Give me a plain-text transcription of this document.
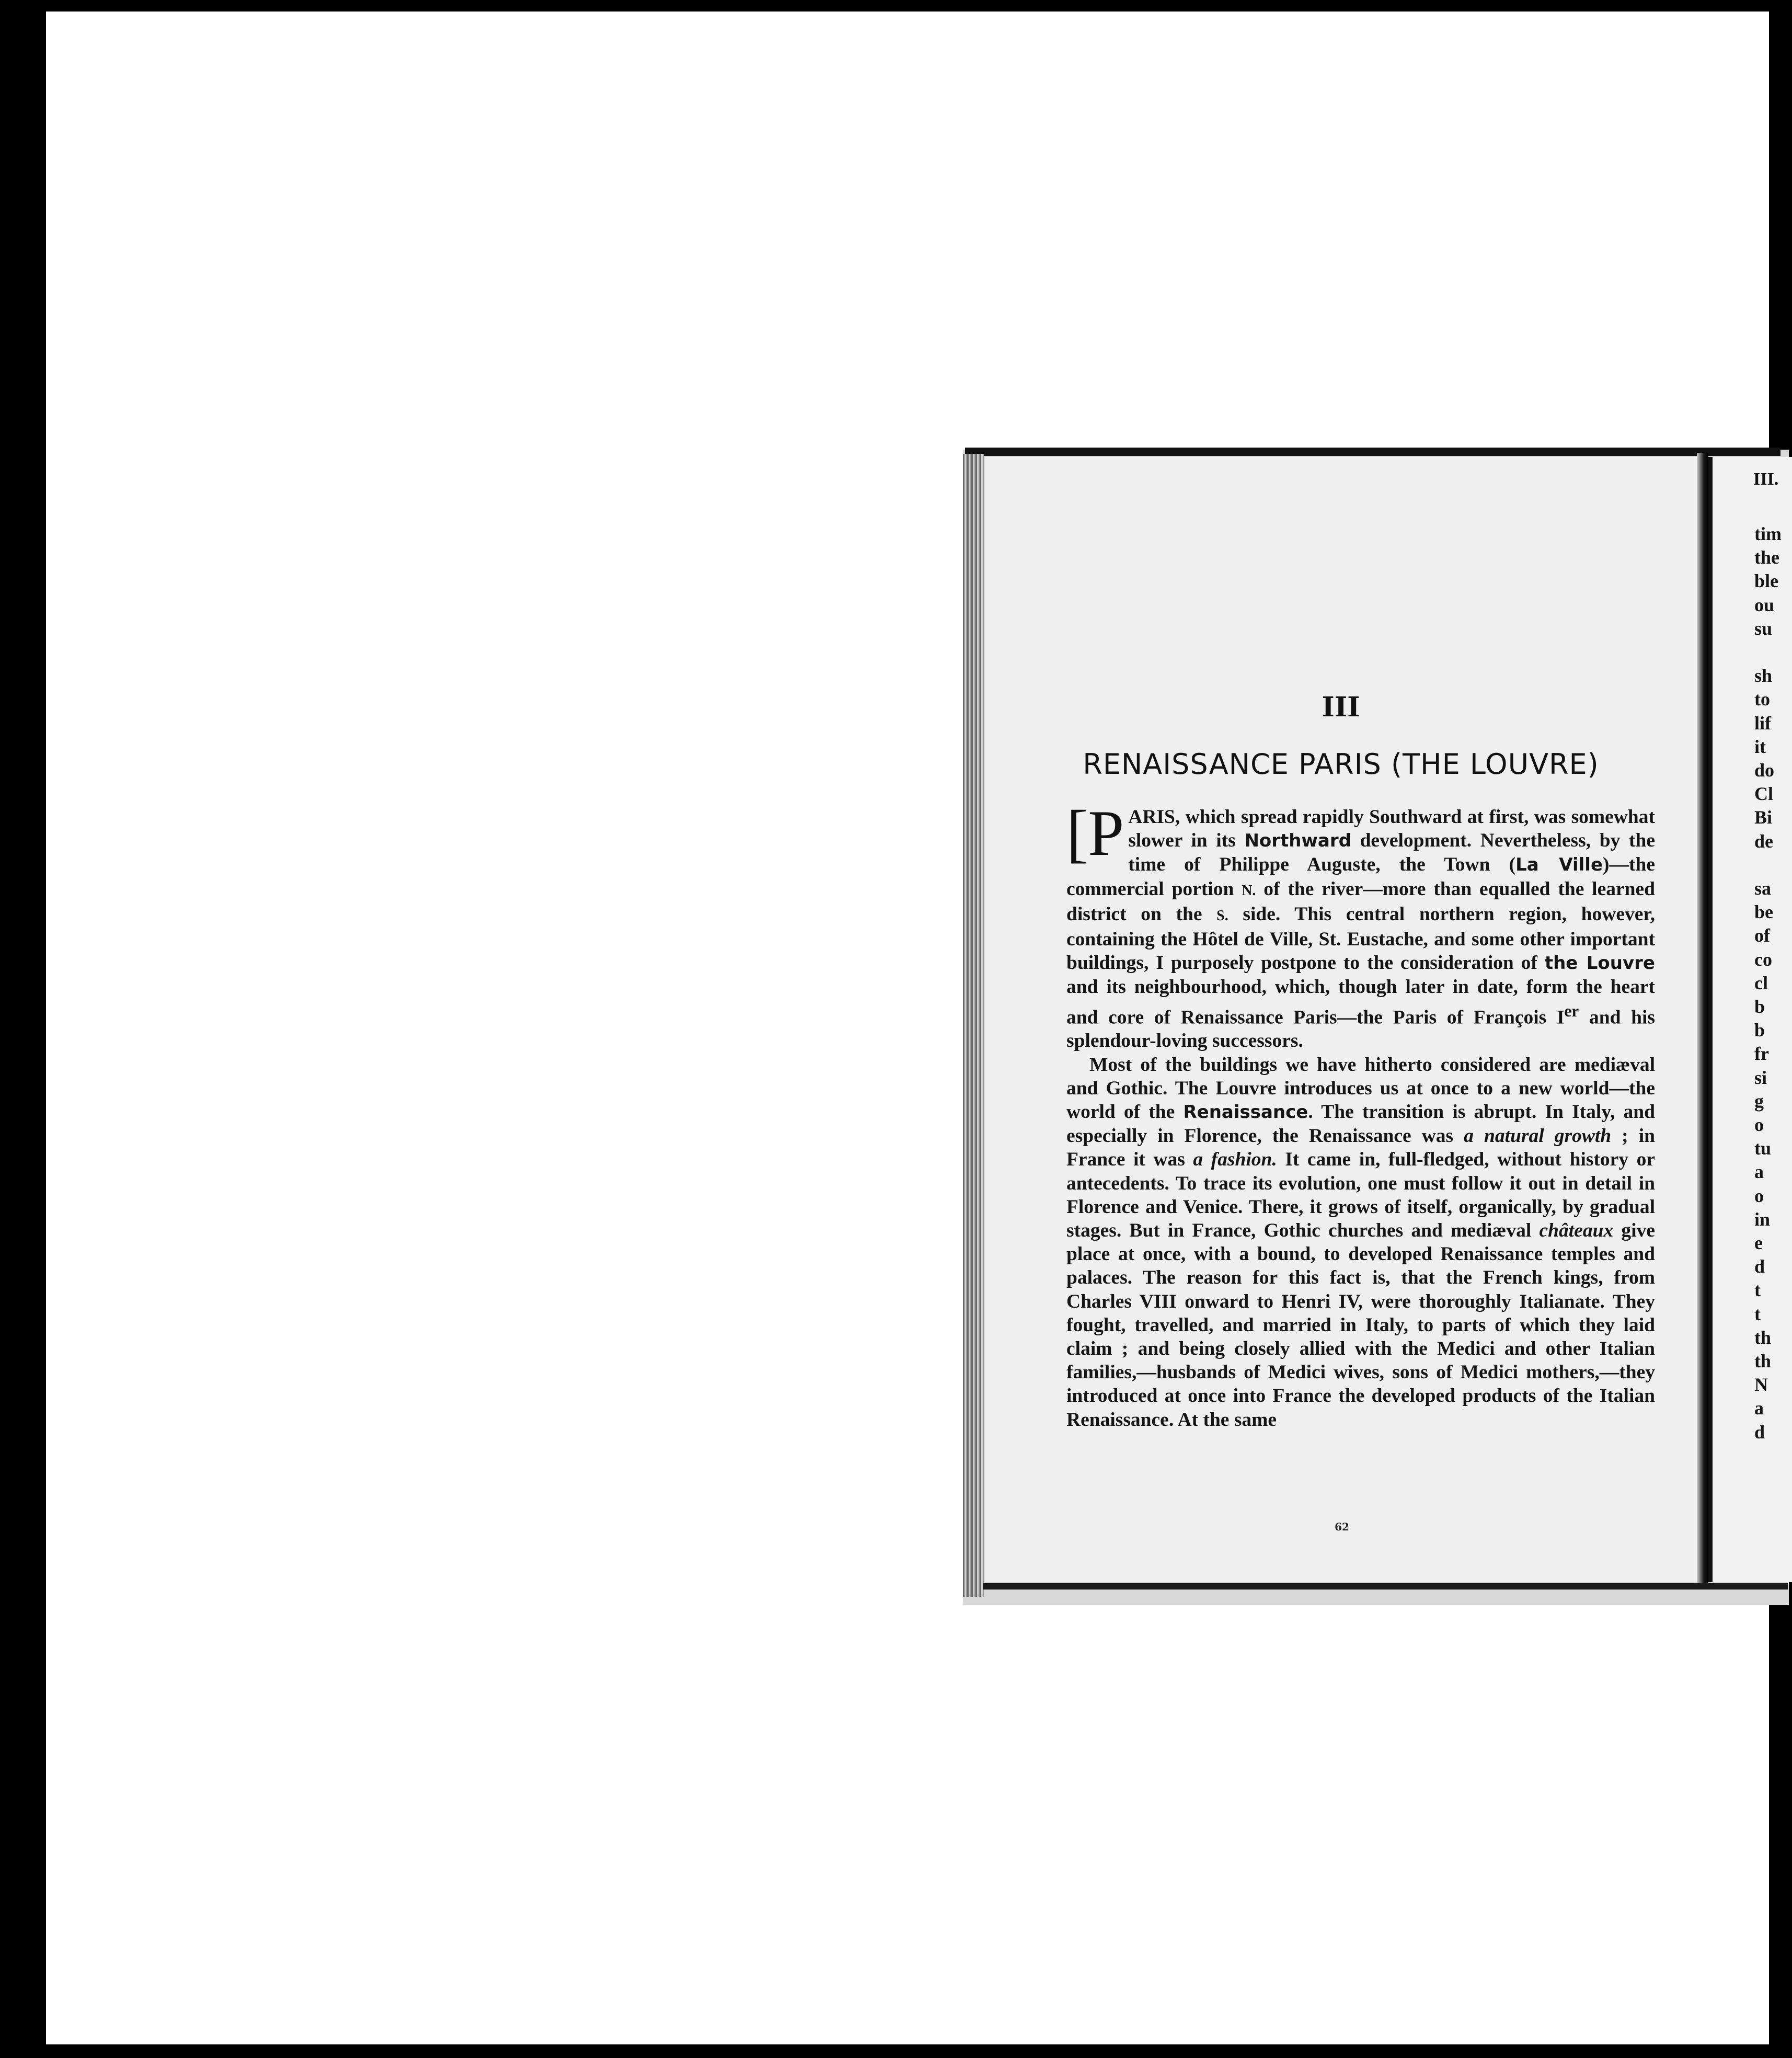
III
RENAISSANCE PARIS (THE LOUVRE)

[P ARIS, which spread rapidly Southward at first, was somewhat slower in its Northward development. Nevertheless, by the time of Philippe Auguste, the Town (La Ville)—the commercial portion N. of the river—more than equalled the learned district on the S. side. This central northern region, however, containing the Hôtel de Ville, St. Eustache, and some other important buildings, I purposely postpone to the consideration of the Louvre and its neighbourhood, which, though later in date, form the heart and core of Renaissance Paris—the Paris of François Ier and his splendour-loving successors.

Most of the buildings we have hitherto considered are mediæval and Gothic. The Louvre introduces us at once to a new world—the world of the Renaissance. The transition is abrupt. In Italy, and especially in Florence, the Renaissance was a natural growth ; in France it was a fashion. It came in, full-fledged, without history or antecedents. To trace its evolution, one must follow it out in detail in Florence and Venice. There, it grows of itself, organically, by gradual stages. But in France, Gothic churches and mediæval châteaux give place at once, with a bound, to developed Renaissance temples and palaces. The reason for this fact is, that the French kings, from Charles VIII onward to Henri IV, were thoroughly Italianate. They fought, travelled, and married in Italy, to parts of which they laid claim ; and being closely allied with the Medici and other Italian families,—husbands of Medici wives, sons of Medici mothers,—they introduced at once into France the developed products of the Italian Renaissance. At the same

62
III.
tim
the
ble
ou
su
sh
to
lif
it
do
Cl
Bi
de
sa
be
of
co
cl
b
b
fr
si
g
o
tu
a
o
in
e
d
t
t
th
th
N
a
d
